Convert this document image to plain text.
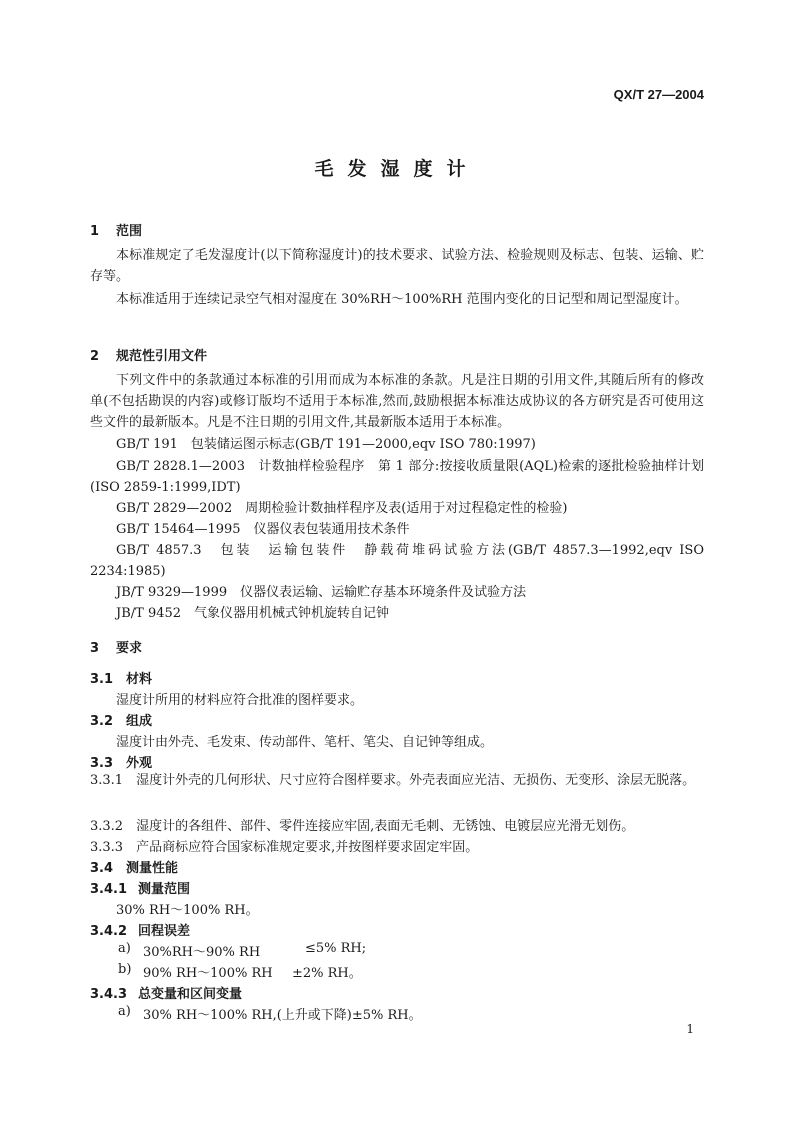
QX/T 27—2004
毛发湿度计
1 范围
本标准规定了毛发湿度计(以下简称湿度计)的技术要求、试验方法、检验规则及标志、包装、运输、贮存等。
本标准适用于连续记录空气相对湿度在 30%RH～100%RH 范围内变化的日记型和周记型湿度计。
2 规范性引用文件
下列文件中的条款通过本标准的引用而成为本标准的条款。凡是注日期的引用文件,其随后所有的修改单(不包括勘误的内容)或修订版均不适用于本标准,然而,鼓励根据本标准达成协议的各方研究是否可使用这些文件的最新版本。凡是不注日期的引用文件,其最新版本适用于本标准。
GB/T 191　包装储运图示标志(GB/T 191—2000,eqv ISO 780:1997)
GB/T 2828.1—2003　计数抽样检验程序　第 1 部分:按接收质量限(AQL)检索的逐批检验抽样计划(ISO 2859-1:1999,IDT)
GB/T 2829—2002　周期检验计数抽样程序及表(适用于对过程稳定性的检验)
GB/T 15464—1995　仪器仪表包装通用技术条件
GB/T 4857.3　包装　运输包装件　静载荷堆码试验方法(GB/T 4857.3—1992,eqv ISO 2234:1985)
JB/T 9329—1999　仪器仪表运输、运输贮存基本环境条件及试验方法
JB/T 9452　气象仪器用机械式钟机旋转自记钟
3 要求
3.1 材料
湿度计所用的材料应符合批准的图样要求。
3.2 组成
湿度计由外壳、毛发束、传动部件、笔杆、笔尖、自记钟等组成。
3.3 外观
3.3.1　湿度计外壳的几何形状、尺寸应符合图样要求。外壳表面应光洁、无损伤、无变形、涂层无脱落。
3.3.2　湿度计的各组件、部件、零件连接应牢固,表面无毛刺、无锈蚀、电镀层应光滑无划伤。
3.3.3　产品商标应符合国家标准规定要求,并按图样要求固定牢固。
3.4 测量性能
3.4.1 测量范围
30% RH～100% RH。
3.4.2 回程误差
a) 30%RH～90% RH	≤5% RH;
b) 90% RH～100% RH ±2% RH。
3.4.3 总变量和区间变量
a) 30% RH～100% RH,(上升或下降)±5% RH。
1
